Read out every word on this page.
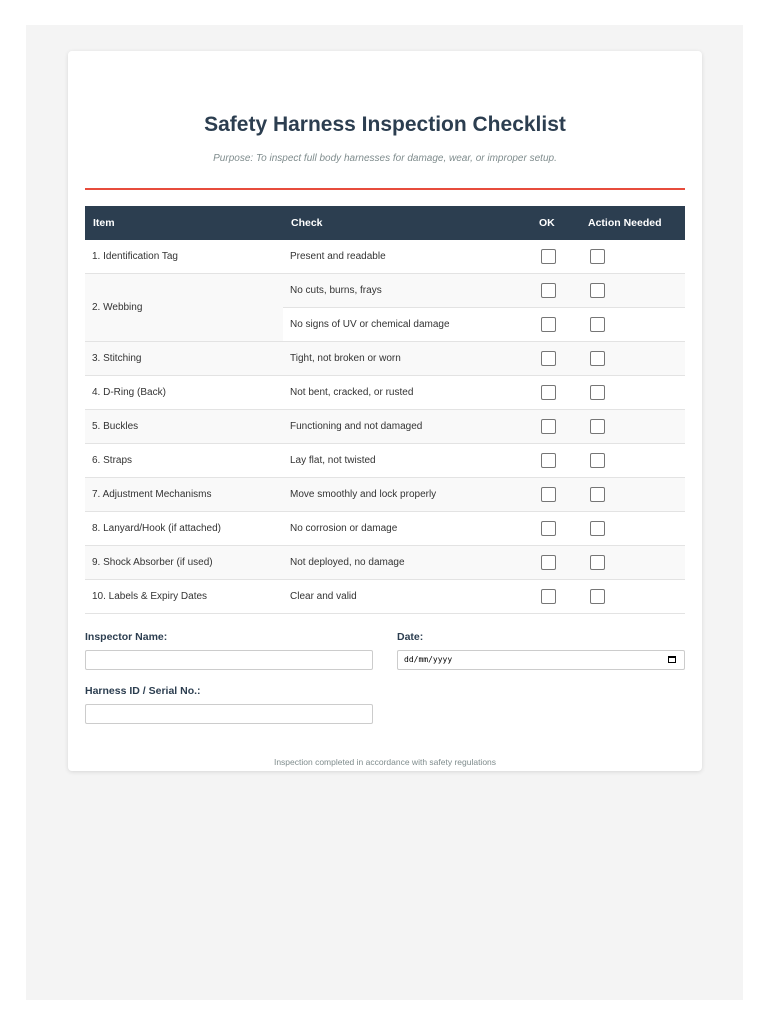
Safety Harness Inspection Checklist
Purpose: To inspect full body harnesses for damage, wear, or improper setup.
Item	Check	OK	Action Needed
1. Identification Tag	Present and readable		
2. Webbing	No cuts, burns, frays		
	No signs of UV or chemical damage		
3. Stitching	Tight, not broken or worn		
4. D-Ring (Back)	Not bent, cracked, or rusted		
5. Buckles	Functioning and not damaged		
6. Straps	Lay flat, not twisted		
7. Adjustment Mechanisms	Move smoothly and lock properly		
8. Lanyard/Hook (if attached)	No corrosion or damage		
9. Shock Absorber (if used)	Not deployed, no damage		
10. Labels & Expiry Dates	Clear and valid		
Inspector Name:	Date:
dd/mm/yyyy
Harness ID / Serial No.:
Inspection completed in accordance with safety regulations
